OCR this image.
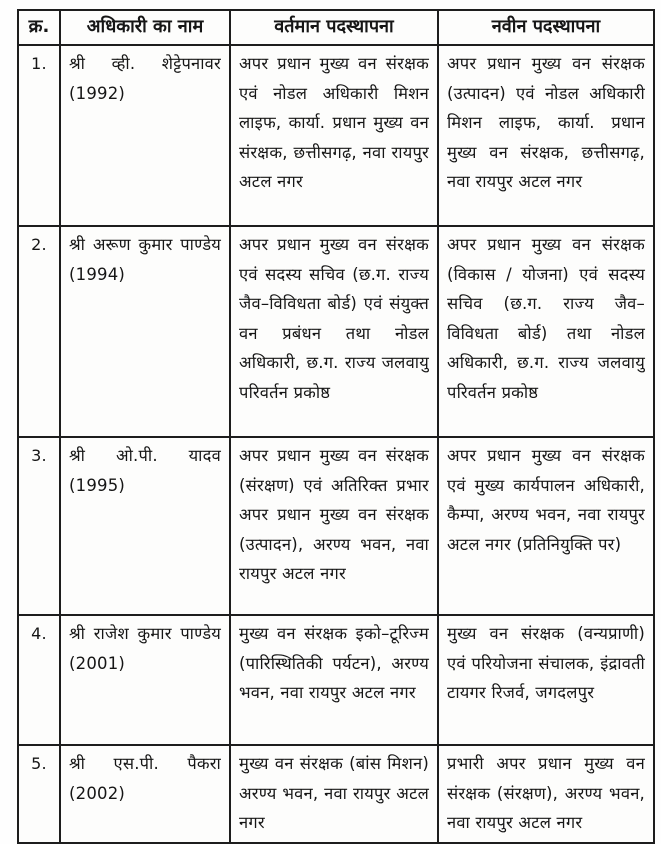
क्र.	अधिकारी का नाम	वर्तमान पदस्थापना	नवीन पदस्थापना
1.	श्री व्ही. शेट्टेपनावर (1992)	अपर प्रधान मुख्य वन संरक्षक एवं नोडल अधिकारी मिशन लाइफ, कार्या. प्रधान मुख्य वन संरक्षक, छत्तीसगढ़, नवा रायपुर अटल नगर	अपर प्रधान मुख्य वन संरक्षक (उत्पादन) एवं नोडल अधिकारी मिशन लाइफ, कार्या. प्रधान मुख्य वन संरक्षक, छत्तीसगढ़, नवा रायपुर अटल नगर
2.	श्री अरूण कुमार पाण्डेय (1994)	अपर प्रधान मुख्य वन संरक्षक एवं सदस्य सचिव (छ.ग. राज्य जैव–विविधता बोर्ड) एवं संयुक्त वन प्रबंधन तथा नोडल अधिकारी, छ.ग. राज्य जलवायु परिवर्तन प्रकोष्ठ	अपर प्रधान मुख्य वन संरक्षक (विकास / योजना) एवं सदस्य सचिव (छ.ग. राज्य जैव–विविधता बोर्ड) तथा नोडल अधिकारी, छ.ग. राज्य जलवायु परिवर्तन प्रकोष्ठ
3.	श्री ओ.पी. यादव (1995)	अपर प्रधान मुख्य वन संरक्षक (संरक्षण) एवं अतिरिक्त प्रभार अपर प्रधान मुख्य वन संरक्षक (उत्पादन), अरण्य भवन, नवा रायपुर अटल नगर	अपर प्रधान मुख्य वन संरक्षक एवं मुख्य कार्यपालन अधिकारी, कैम्पा, अरण्य भवन, नवा रायपुर अटल नगर (प्रतिनियुक्ति पर)
4.	श्री राजेश कुमार पाण्डेय (2001)	मुख्य वन संरक्षक इको–टूरिज्म (पारिस्थितिकी पर्यटन), अरण्य भवन, नवा रायपुर अटल नगर	मुख्य वन संरक्षक (वन्यप्राणी) एवं परियोजना संचालक, इंद्रावती टायगर रिजर्व, जगदलपुर
5.	श्री एस.पी. पैकरा (2002)	मुख्य वन संरक्षक (बांस मिशन) अरण्य भवन, नवा रायपुर अटल नगर	प्रभारी अपर प्रधान मुख्य वन संरक्षक (संरक्षण), अरण्य भवन, नवा रायपुर अटल नगर
